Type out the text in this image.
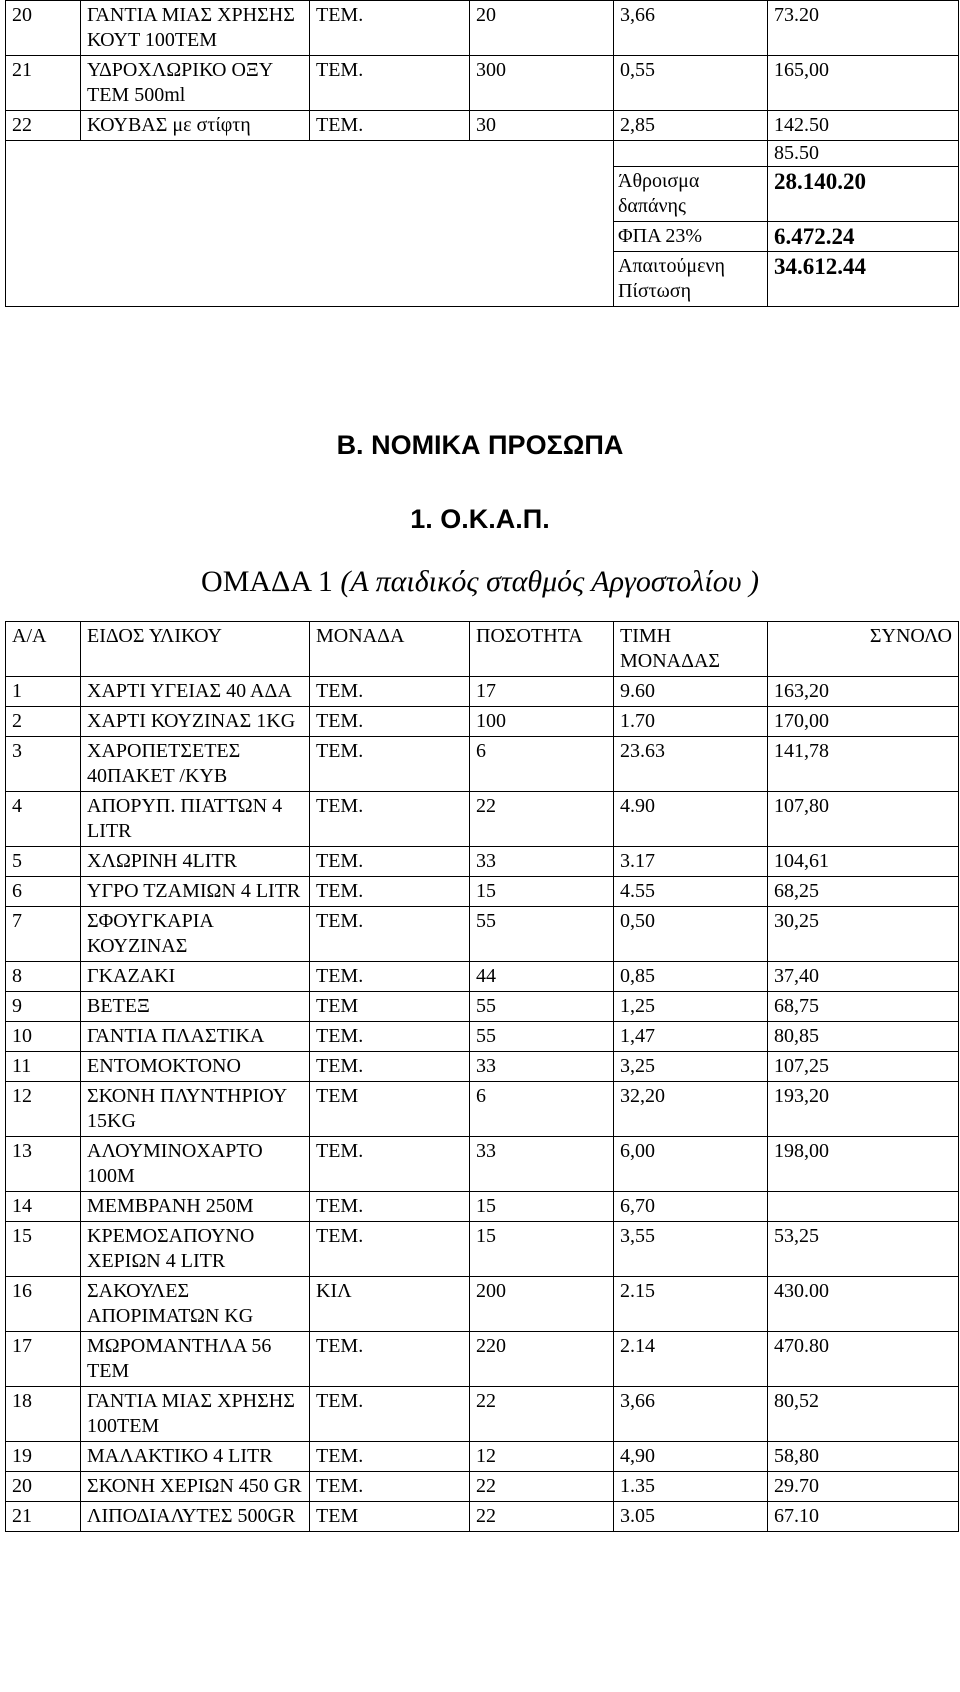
20	ΓΑΝΤΙΑ ΜΙΑΣ ΧΡΗΣΗΣ ΚΟΥΤ 100ΤΕΜ	ΤΕΜ.	20	3,66	73.20
21	ΥΔΡΟΧΛΩΡΙΚΟ ΟΞΥ ΤΕΜ 500ml	ΤΕΜ.	300	0,55	165,00
22	ΚΟΥΒΑΣ με στίφτη	ΤΕΜ.	30	2,85	142.50
					85.50
				Άθροισμα δαπάνης	28.140.20
				ΦΠΑ 23%	6.472.24
				Απαιτούμενη Πίστωση	34.612.44
Β. ΝΟΜΙΚΑ ΠΡΟΣΩΠΑ
1. Ο.Κ.Α.Π.
ΟΜΑΔΑ 1 (Α παιδικός σταθμός Αργοστολίου )
Α/Α	ΕΙΔΟΣ ΥΛΙΚΟΥ	ΜΟΝΑΔΑ	ΠΟΣΟΤΗΤΑ	ΤΙΜΗ ΜΟΝΑΔΑΣ	ΣΥΝΟΛΟ
1	ΧΑΡΤΙ ΥΓΕΙΑΣ 40 ΑΔΑ	ΤΕΜ.	17	9.60	163,20
2	ΧΑΡΤΙ ΚΟΥΖΙΝΑΣ 1KG	ΤΕΜ.	100	1.70	170,00
3	ΧΑΡΟΠΕΤΣΕΤΕΣ 40ΠΑΚΕΤ /ΚΥΒ	ΤΕΜ.	6	23.63	141,78
4	ΑΠΟΡΥΠ. ΠΙΑΤΤΩΝ 4 LITR	ΤΕΜ.	22	4.90	107,80
5	ΧΛΩΡΙΝΗ 4LITR	ΤΕΜ.	33	3.17	104,61
6	ΥΓΡΟ ΤΖΑΜΙΩΝ 4 LITR	ΤΕΜ.	15	4.55	68,25
7	ΣΦΟΥΓΚΑΡΙΑ ΚΟΥΖΙΝΑΣ	ΤΕΜ.	55	0,50	30,25
8	ΓΚΑΖΑΚΙ	ΤΕΜ.	44	0,85	37,40
9	ΒΕΤΕΞ	ΤΕΜ	55	1,25	68,75
10	ΓΑΝΤΙΑ ΠΛΑΣΤΙΚΑ	ΤΕΜ.	55	1,47	80,85
11	ΕΝΤΟΜΟΚΤΟΝΟ	ΤΕΜ.	33	3,25	107,25
12	ΣΚΟΝΗ ΠΛΥΝΤΗΡΙΟΥ 15KG	ΤΕΜ	6	32,20	193,20
13	ΑΛΟΥΜΙΝΟΧΑΡΤΟ 100Μ	ΤΕΜ.	33	6,00	198,00
14	ΜΕΜΒΡΑΝΗ 250Μ	ΤΕΜ.	15	6,70	
15	ΚΡΕΜΟΣΑΠΟΥΝΟ ΧΕΡΙΩΝ 4 LITR	ΤΕΜ.	15	3,55	53,25
16	ΣΑΚΟΥΛΕΣ ΑΠΟΡΙΜΑΤΩΝ KG	ΚΙΛ	200	2.15	430.00
17	ΜΩΡΟΜΑΝΤΗΛΑ 56 ΤΕΜ	ΤΕΜ.	220	2.14	470.80
18	ΓΑΝΤΙΑ ΜΙΑΣ ΧΡΗΣΗΣ 100ΤΕΜ	ΤΕΜ.	22	3,66	80,52
19	ΜΑΛΑΚΤΙΚΟ 4 LITR	ΤΕΜ.	12	4,90	58,80
20	ΣΚΟΝΗ ΧΕΡΙΩΝ 450 GR	ΤΕΜ.	22	1.35	29.70
21	ΛΙΠΟΔΙΑΛΥΤΕΣ 500GR	ΤΕΜ	22	3.05	67.10
